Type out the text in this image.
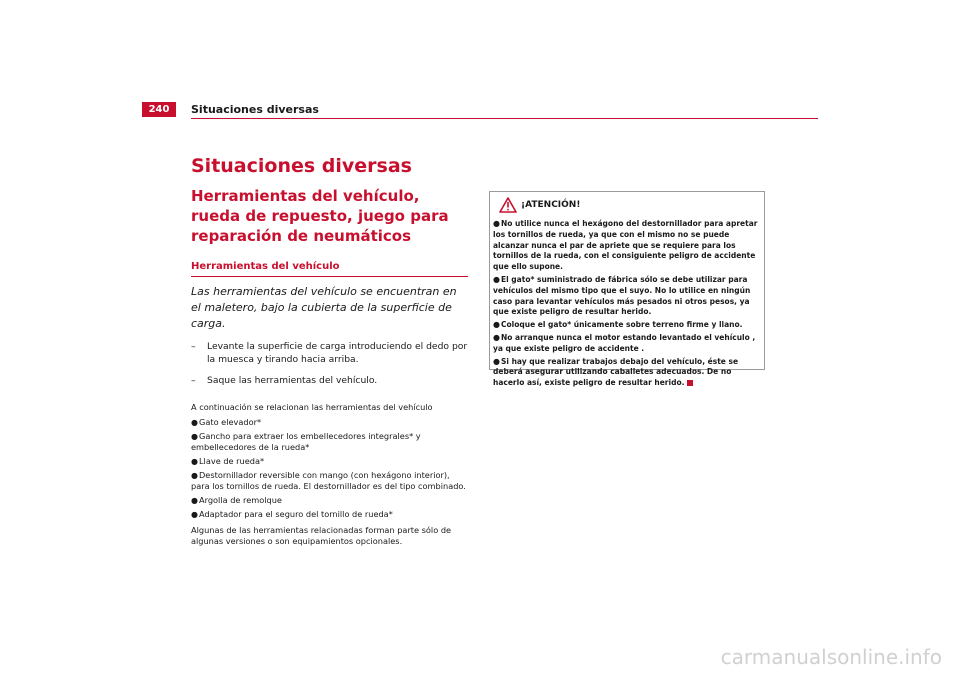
240	Situaciones diversas
Situaciones diversas
Herramientas del vehículo, rueda de repuesto, juego para reparación de neumáticos
Herramientas del vehículo

Las herramientas del vehículo se encuentran en el maletero, bajo la cubierta de la superficie de carga.

– Levante la superficie de carga introduciendo el dedo por la muesca y tirando hacia arriba.
– Saque las herramientas del vehículo.
A continuación se relacionan las herramientas del vehículo
●Gato elevador*
●Gancho para extraer los embellecedores integrales* y embellecedores de la rueda*
●Llave de rueda*
●Destornillador reversible con mango (con hexágono interior), para los tornillos de rueda. El destornillador es del tipo combinado.
●Argolla de remolque
●Adaptador para el seguro del tornillo de rueda*
Algunas de las herramientas relacionadas forman parte sólo de algunas versiones o son equipamientos opcionales.
¡ATENCIÓN!
●No utilice nunca el hexágono del destornillador para apretar los tornillos de rueda, ya que con el mismo no se puede alcanzar nunca el par de apriete que se requiere para los tornillos de la rueda, con el consiguiente peligro de accidente que ello supone.
●El gato* suministrado de fábrica sólo se debe utilizar para vehículos del mismo tipo que el suyo. No lo utilice en ningún caso para levantar vehículos más pesados ni otros pesos, ya que existe peligro de resultar herido.
●Coloque el gato* únicamente sobre terreno firme y llano.
●No arranque nunca el motor estando levantado el vehículo , ya que existe peligro de accidente .
●Si hay que realizar trabajos debajo del vehículo, éste se deberá asegurar utilizando caballetes adecuados. De no hacerlo así, existe peligro de resultar herido.
carmanualsonline.info
